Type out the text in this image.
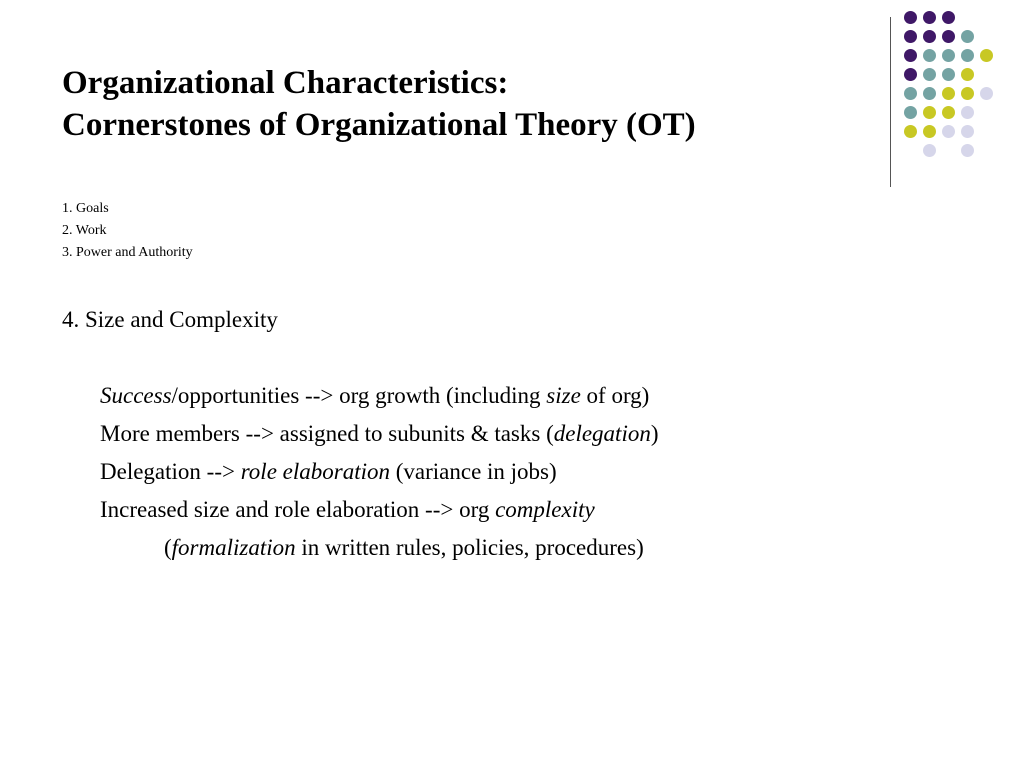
Organizational Characteristics:
Cornerstones of Organizational Theory (OT)
1. Goals
2. Work
3. Power and Authority
4. Size and Complexity
Success/opportunities --> org growth (including size of org)
More members --> assigned to subunits & tasks (delegation)
Delegation --> role elaboration (variance in jobs)
Increased size and role elaboration --> org complexity
(formalization in written rules, policies, procedures)
